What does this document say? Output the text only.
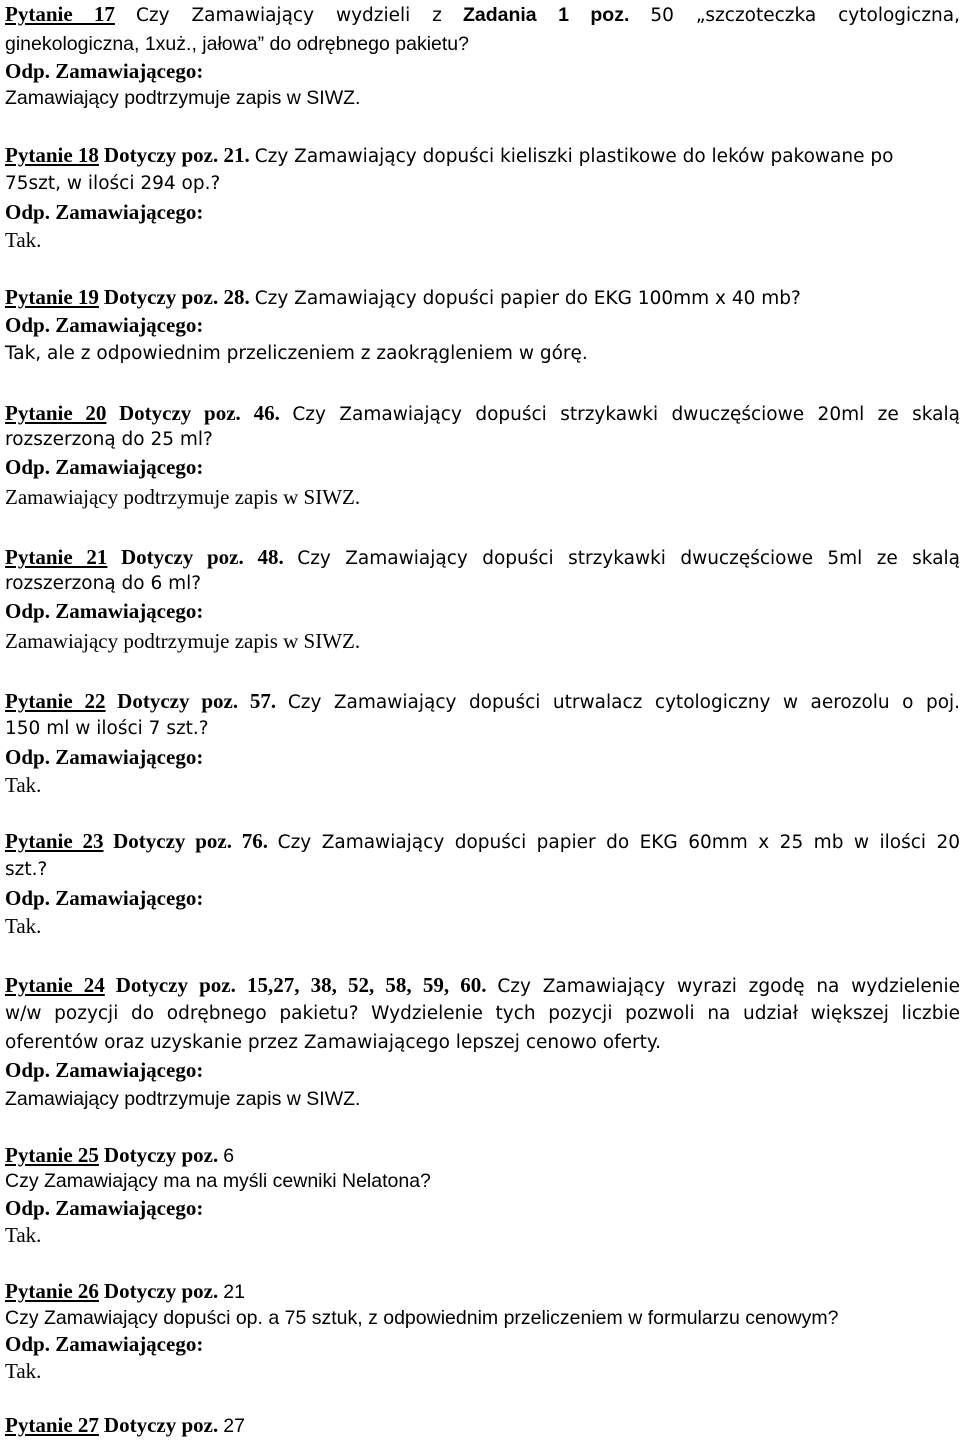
Pytanie 17 Czy Zamawiający wydzieli z Zadania 1 poz. 50 „szczoteczka cytologiczna,
ginekologiczna, 1xuż., jałowa” do odrębnego pakietu?
Odp. Zamawiającego:
Zamawiający podtrzymuje zapis w SIWZ.
Pytanie 18 Dotyczy poz. 21. Czy Zamawiający dopuści kieliszki plastikowe do leków pakowane po
75szt, w ilości 294 op.?
Odp. Zamawiającego:
Tak.
Pytanie 19 Dotyczy poz. 28. Czy Zamawiający dopuści papier do EKG 100mm x 40 mb?
Odp. Zamawiającego:
Tak, ale z odpowiednim przeliczeniem z zaokrągleniem w górę.
Pytanie 20 Dotyczy poz. 46. Czy Zamawiający dopuści strzykawki dwuczęściowe 20ml ze skalą
rozszerzoną do 25 ml?
Odp. Zamawiającego:
Zamawiający podtrzymuje zapis w SIWZ.
Pytanie 21 Dotyczy poz. 48. Czy Zamawiający dopuści strzykawki dwuczęściowe 5ml ze skalą
rozszerzoną do 6 ml?
Odp. Zamawiającego:
Zamawiający podtrzymuje zapis w SIWZ.
Pytanie 22 Dotyczy poz. 57. Czy Zamawiający dopuści utrwalacz cytologiczny w aerozolu o poj.
150 ml w ilości 7 szt.?
Odp. Zamawiającego:
Tak.
Pytanie 23 Dotyczy poz. 76. Czy Zamawiający dopuści papier do EKG 60mm x 25 mb w ilości 20
szt.?
Odp. Zamawiającego:
Tak.
Pytanie 24 Dotyczy poz. 15,27, 38, 52, 58, 59, 60. Czy Zamawiający wyrazi zgodę na wydzielenie
w/w pozycji do odrębnego pakietu? Wydzielenie tych pozycji pozwoli na udział większej liczbie
oferentów oraz uzyskanie przez Zamawiającego lepszej cenowo oferty.
Odp. Zamawiającego:
Zamawiający podtrzymuje zapis w SIWZ.
Pytanie 25 Dotyczy poz. 6
Czy Zamawiający ma na myśli cewniki Nelatona?
Odp. Zamawiającego:
Tak.
Pytanie 26 Dotyczy poz. 21
Czy Zamawiający dopuści op. a 75 sztuk, z odpowiednim przeliczeniem w formularzu cenowym?
Odp. Zamawiającego:
Tak.
Pytanie 27 Dotyczy poz. 27
